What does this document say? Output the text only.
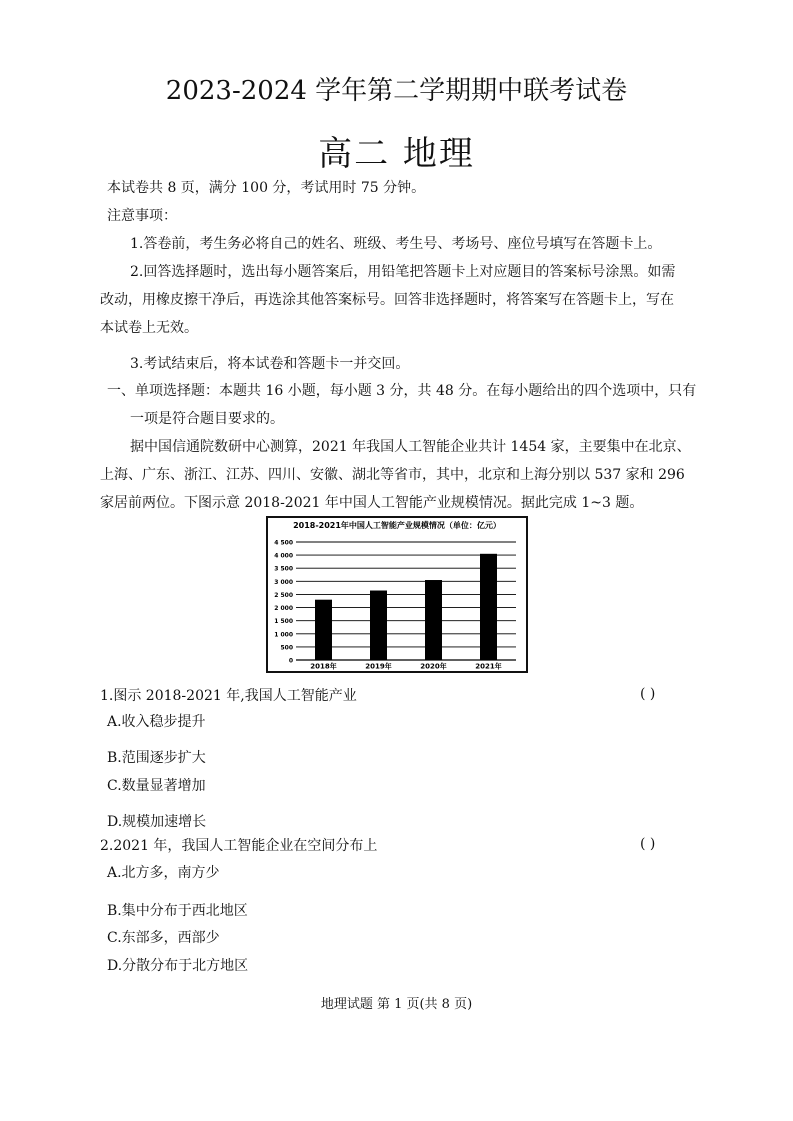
2023-2024 学年第二学期期中联考试卷
高二 地理
本试卷共 8 页，满分 100 分，考试用时 75 分钟。
注意事项：
1.答卷前，考生务必将自己的姓名、班级、考生号、考场号、座位号填写在答题卡上。
2.回答选择题时，选出每小题答案后，用铅笔把答题卡上对应题目的答案标号涂黑。如需
改动，用橡皮擦干净后，再选涂其他答案标号。回答非选择题时，将答案写在答题卡上，写在
本试卷上无效。
3.考试结束后，将本试卷和答题卡一并交回。
一、单项选择题：本题共 16 小题，每小题 3 分，共 48 分。在每小题给出的四个选项中，只有
一项是符合题目要求的。
据中国信通院数研中心测算，2021 年我国人工智能企业共计 1454 家，主要集中在北京、
上海、广东、浙江、江苏、四川、安徽、湖北等省市，其中，北京和上海分别以 537 家和 296
家居前两位。下图示意 2018-2021 年中国人工智能产业规模情况。据此完成 1~3 题。
2018-2021年中国人工智能产业规模情况（单位：亿元）
0
500
1 000
1 500
2 000
2 500
3 000
3 500
4 000
4 500
2018年	2019年	2020年	2021年
1.图示 2018-2021 年,我国人工智能产业	( )
A.收入稳步提升
B.范围逐步扩大
C.数量显著增加
D.规模加速增长
2.2021 年，我国人工智能企业在空间分布上	( )
A.北方多，南方少
B.集中分布于西北地区
C.东部多，西部少
D.分散分布于北方地区
地理试题 第 1 页(共 8 页)
